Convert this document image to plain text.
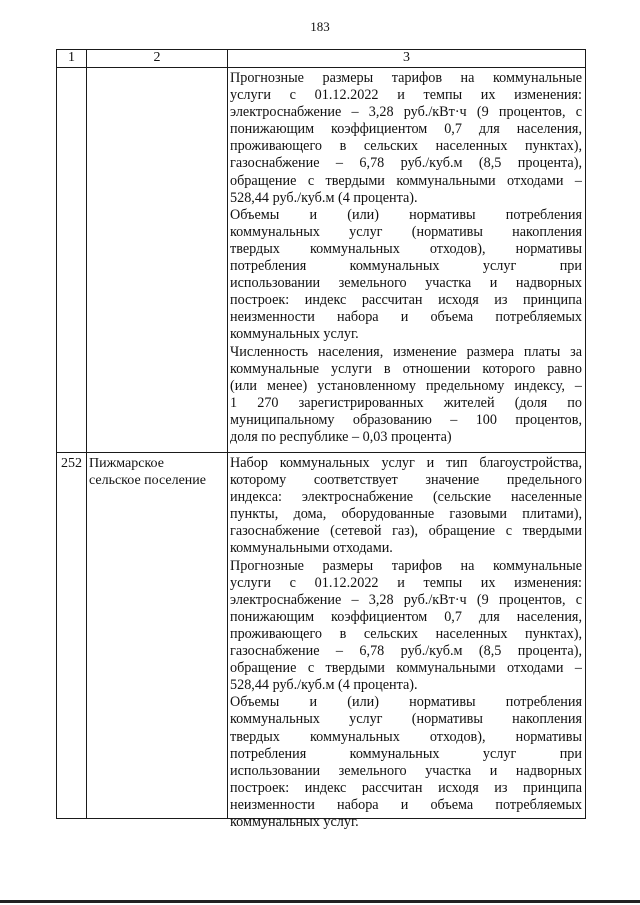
183
1	2	3
Прогнозные размеры тарифов на коммунальные
услуги с 01.12.2022 и темпы их изменения:
электроснабжение – 3,28 руб./кВт·ч (9 процентов, с
понижающим коэффициентом 0,7 для населения,
проживающего в сельских населенных пунктах),
газоснабжение – 6,78 руб./куб.м (8,5 процента),
обращение с твердыми коммунальными отходами –
528,44 руб./куб.м (4 процента).
Объемы и (или) нормативы потребления
коммунальных услуг (нормативы накопления
твердых коммунальных отходов), нормативы
потребления коммунальных услуг при
использовании земельного участка и надворных
построек: индекс рассчитан исходя из принципа
неизменности набора и объема потребляемых
коммунальных услуг.
Численность населения, изменение размера платы за
коммунальные услуги в отношении которого равно
(или менее) установленному предельному индексу, –
1 270 зарегистрированных жителей (доля по
муниципальному образованию – 100 процентов,
доля по республике – 0,03 процента)
252 Пижмарское
сельское поселение
Набор коммунальных услуг и тип благоустройства,
которому соответствует значение предельного
индекса: электроснабжение (сельские населенные
пункты, дома, оборудованные газовыми плитами),
газоснабжение (сетевой газ), обращение с твердыми
коммунальными отходами.
Прогнозные размеры тарифов на коммунальные
услуги с 01.12.2022 и темпы их изменения:
электроснабжение – 3,28 руб./кВт·ч (9 процентов, с
понижающим коэффициентом 0,7 для населения,
проживающего в сельских населенных пунктах),
газоснабжение – 6,78 руб./куб.м (8,5 процента),
обращение с твердыми коммунальными отходами –
528,44 руб./куб.м (4 процента).
Объемы и (или) нормативы потребления
коммунальных услуг (нормативы накопления
твердых коммунальных отходов), нормативы
потребления коммунальных услуг при
использовании земельного участка и надворных
построек: индекс рассчитан исходя из принципа
неизменности набора и объема потребляемых
коммунальных услуг.
